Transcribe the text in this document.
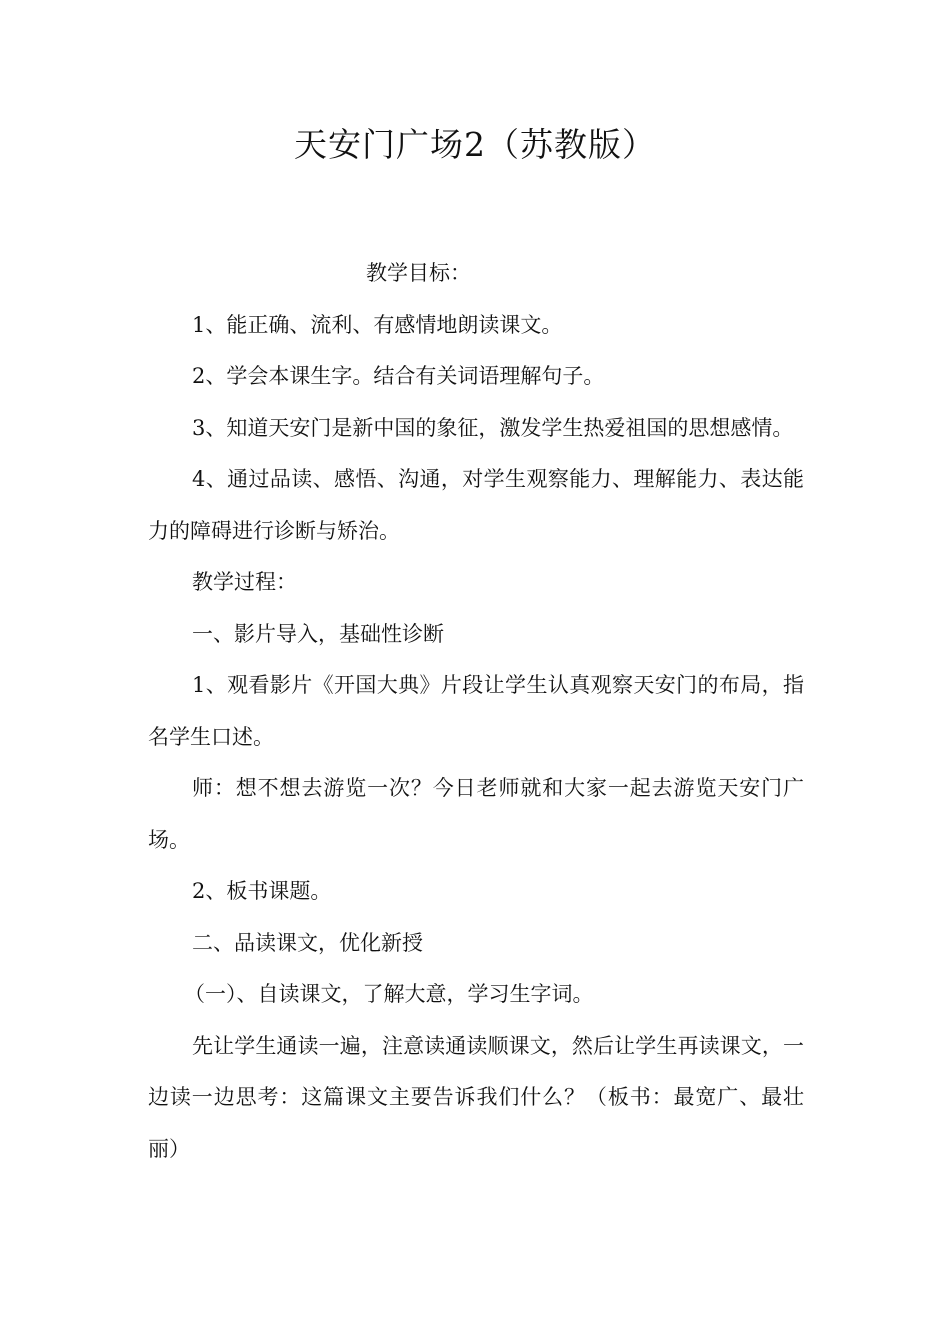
天安门广场2（苏教版）

教学目标：

1、能正确、流利、有感情地朗读课文。

2、学会本课生字。结合有关词语理解句子。

3、知道天安门是新中国的象征，激发学生热爱祖国的思想感情。

4、通过品读、感悟、沟通，对学生观察能力、理解能力、表达能力的障碍进行诊断与矫治。

教学过程：

一、影片导入，基础性诊断

1、观看影片《开国大典》片段让学生认真观察天安门的布局，指名学生口述。

师：想不想去游览一次？今日老师就和大家一起去游览天安门广场。

2、板书课题。

二、品读课文，优化新授

（一）、自读课文，了解大意，学习生字词。

先让学生通读一遍，注意读通读顺课文，然后让学生再读课文，一边读一边思考：这篇课文主要告诉我们什么？（板书：最宽广、最壮丽）
